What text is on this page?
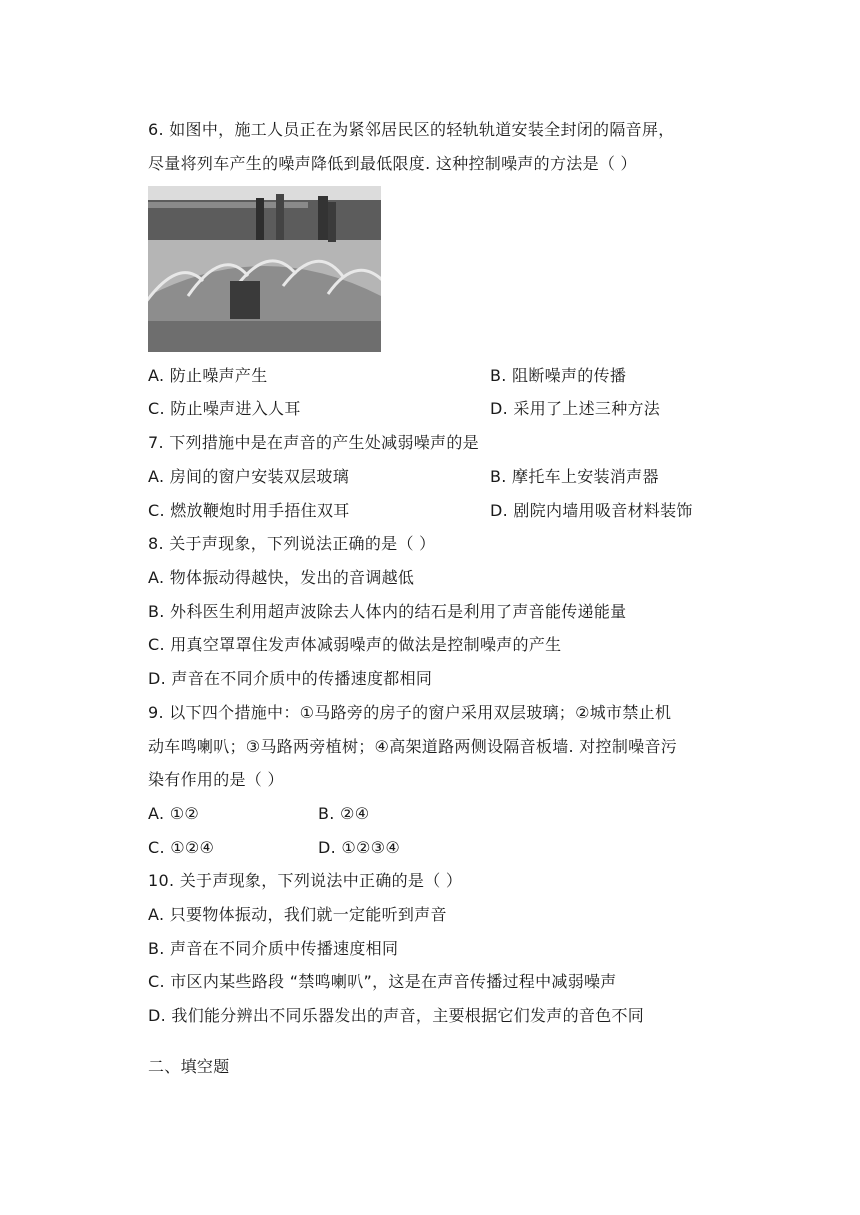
6. 如图中，施工人员正在为紧邻居民区的轻轨轨道安装全封闭的隔音屏，
尽量将列车产生的噪声降低到最低限度. 这种控制噪声的方法是（ ）
A. 防止噪声产生	B. 阻断噪声的传播
C. 防止噪声进入人耳	D. 采用了上述三种方法
7. 下列措施中是在声音的产生处减弱噪声的是
A. 房间的窗户安装双层玻璃	B. 摩托车上安装消声器
C. 燃放鞭炮时用手捂住双耳	D. 剧院内墙用吸音材料装饰
8. 关于声现象，下列说法正确的是（ ）
A. 物体振动得越快，发出的音调越低
B. 外科医生利用超声波除去人体内的结石是利用了声音能传递能量
C. 用真空罩罩住发声体减弱噪声的做法是控制噪声的产生
D. 声音在不同介质中的传播速度都相同
9. 以下四个措施中：①马路旁的房子的窗户采用双层玻璃；②城市禁止机
动车鸣喇叭；③马路两旁植树；④高架道路两侧设隔音板墙. 对控制噪音污
染有作用的是（ ）
A. ①②	B. ②④
C. ①②④	D. ①②③④
10. 关于声现象，下列说法中正确的是（ ）
A. 只要物体振动，我们就一定能听到声音
B. 声音在不同介质中传播速度相同
C. 市区内某些路段 “禁鸣喇叭”，这是在声音传播过程中减弱噪声
D. 我们能分辨出不同乐器发出的声音，主要根据它们发声的音色不同
二、填空题
